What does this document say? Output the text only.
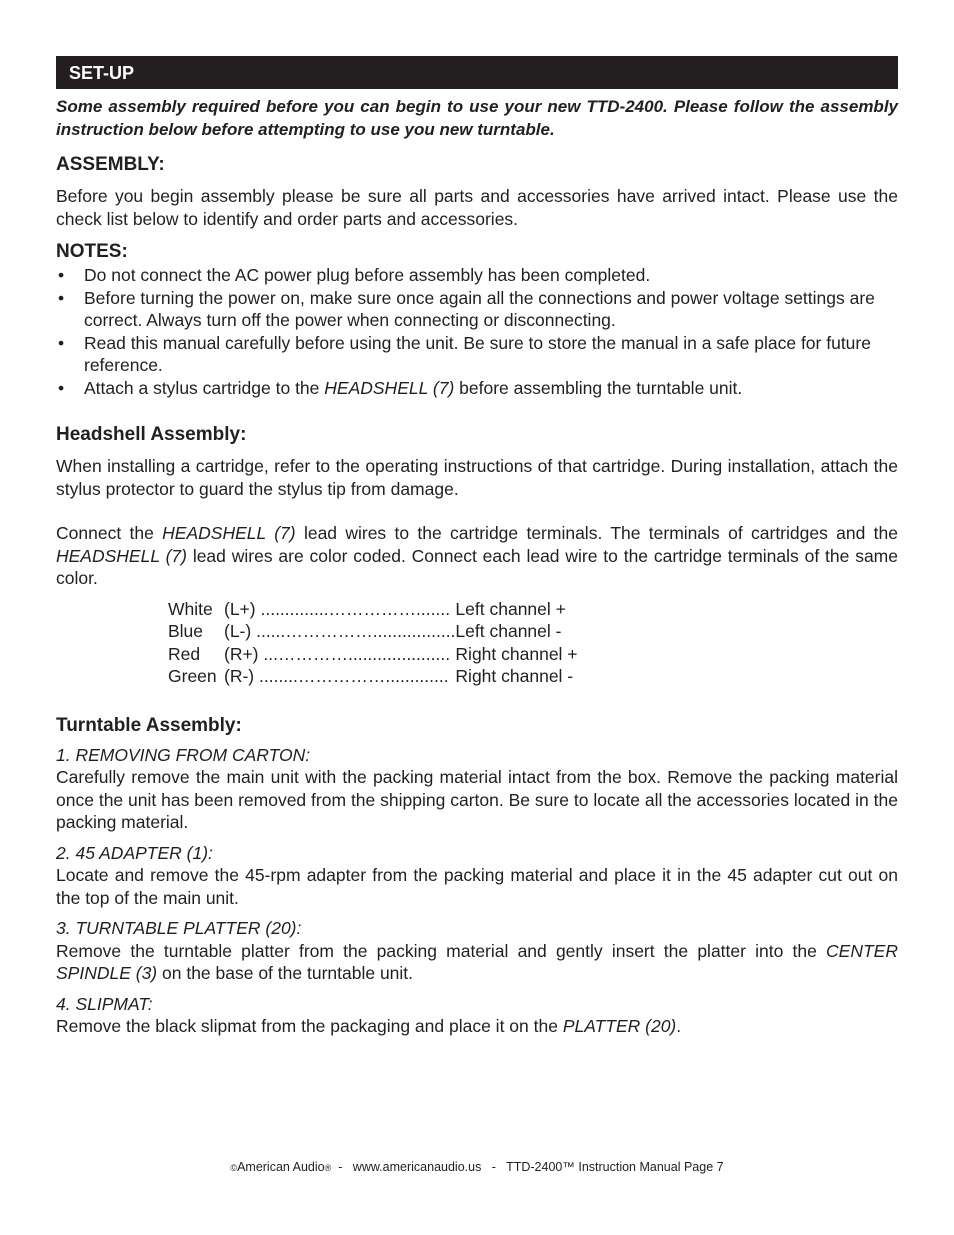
SET-UP
Some assembly required before you can begin to use your new TTD-2400. Please follow the assembly instruction below before attempting to use you new turntable.
ASSEMBLY:

Before you begin assembly please be sure all parts and accessories have arrived intact. Please use the check list below to identify and order parts and accessories.

NOTES:
• Do not connect the AC power plug before assembly has been completed.
• Before turning the power on, make sure once again all the connections and power voltage settings are correct. Always turn off the power when connecting or disconnecting.
• Read this manual carefully before using the unit. Be sure to store the manual in a safe place for future reference.
• Attach a stylus cartridge to the HEADSHELL (7) before assembling the turntable unit.
Headshell Assembly:

When installing a cartridge, refer to the operating instructions of that cartridge. During installation, attach the stylus protector to guard the stylus tip from damage.

Connect the HEADSHELL (7) lead wires to the cartridge terminals. The terminals of cartridges and the HEADSHELL (7) lead wires are color coded. Connect each lead wire to the cartridge terminals of the same color.

White	(L+) ..............…………….......	Left channel +
Blue	(L-) ......…………….................	Left channel -
Red	(R+) ...………….....................	Right channel +
Green	(R-) ........…………….............	Right channel -
Turntable Assembly:
1. REMOVING FROM CARTON:

Carefully remove the main unit with the packing material intact from the box. Remove the packing material once the unit has been removed from the shipping carton. Be sure to locate all the accessories located in the packing material.

2. 45 ADAPTER (1):

Locate and remove the 45-rpm adapter from the packing material and place it in the 45 adapter cut out on the top of the main unit.

3. TURNTABLE PLATTER (20):

Remove the turntable platter from the packing material and gently insert the platter into the CENTER SPINDLE (3) on the base of the turntable unit.

4. SLIPMAT:

Remove the black slipmat from the packaging and place it on the PLATTER (20).

©American Audio®  -   www.americanaudio.us   -   TTD-2400™ Instruction Manual Page 7
